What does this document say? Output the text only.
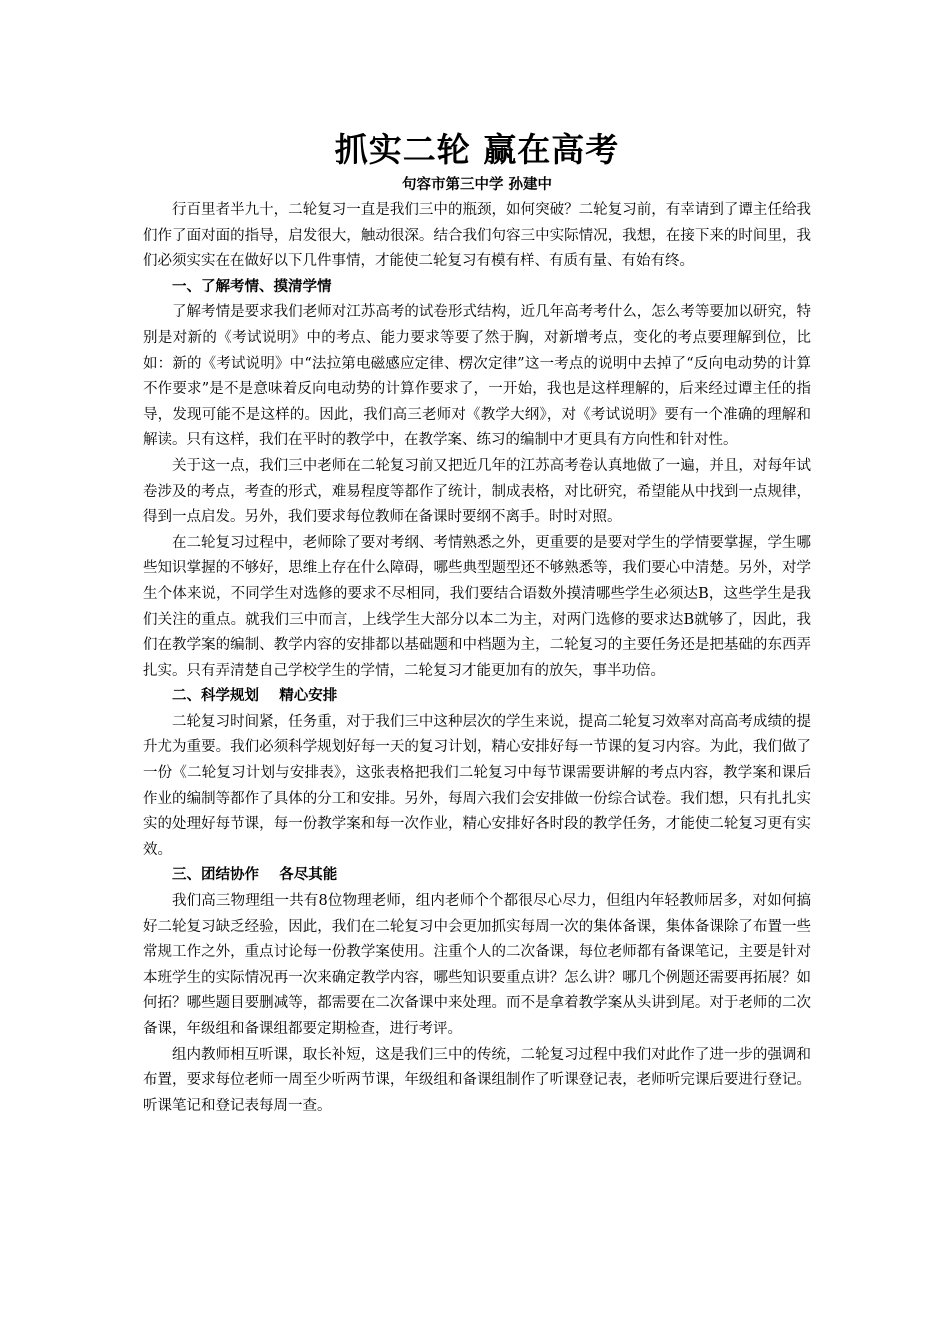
抓实二轮 赢在高考
句容市第三中学 孙建中

行百里者半九十，二轮复习一直是我们三中的瓶颈，如何突破？二轮复习前，有幸请到了谭主任给我们作了面对面的指导，启发很大，触动很深。结合我们句容三中实际情况，我想，在接下来的时间里，我们必须实实在在做好以下几件事情，才能使二轮复习有模有样、有质有量、有始有终。

一、了解考情、摸清学情

了解考情是要求我们老师对江苏高考的试卷形式结构，近几年高考考什么，怎么考等要加以研究，特别是对新的《考试说明》中的考点、能力要求等要了然于胸，对新增考点，变化的考点要理解到位，比如：新的《考试说明》中“法拉第电磁感应定律、楞次定律”这一考点的说明中去掉了“反向电动势的计算不作要求”是不是意味着反向电动势的计算作要求了，一开始，我也是这样理解的，后来经过谭主任的指导，发现可能不是这样的。因此，我们高三老师对《教学大纲》，对《考试说明》要有一个准确的理解和解读。只有这样，我们在平时的教学中，在教学案、练习的编制中才更具有方向性和针对性。

关于这一点，我们三中老师在二轮复习前又把近几年的江苏高考卷认真地做了一遍，并且，对每年试卷涉及的考点，考查的形式，难易程度等都作了统计，制成表格，对比研究，希望能从中找到一点规律，得到一点启发。另外，我们要求每位教师在备课时要纲不离手。时时对照。

在二轮复习过程中，老师除了要对考纲、考情熟悉之外，更重要的是要对学生的学情要掌握，学生哪些知识掌握的不够好，思维上存在什么障碍，哪些典型题型还不够熟悉等，我们要心中清楚。另外，对学生个体来说，不同学生对选修的要求不尽相同，我们要结合语数外摸清哪些学生必须达B，这些学生是我们关注的重点。就我们三中而言，上线学生大部分以本二为主，对两门选修的要求达B就够了，因此，我们在教学案的编制、教学内容的安排都以基础题和中档题为主，二轮复习的主要任务还是把基础的东西弄扎实。只有弄清楚自己学校学生的学情，二轮复习才能更加有的放矢，事半功倍。

二、科学规划    精心安排

二轮复习时间紧，任务重，对于我们三中这种层次的学生来说，提高二轮复习效率对高高考成绩的提升尤为重要。我们必须科学规划好每一天的复习计划，精心安排好每一节课的复习内容。为此，我们做了一份《二轮复习计划与安排表》，这张表格把我们二轮复习中每节课需要讲解的考点内容，教学案和课后作业的编制等都作了具体的分工和安排。另外，每周六我们会安排做一份综合试卷。我们想，只有扎扎实实的处理好每节课，每一份教学案和每一次作业，精心安排好各时段的教学任务，才能使二轮复习更有实效。

三、团结协作    各尽其能

我们高三物理组一共有8位物理老师，组内老师个个都很尽心尽力，但组内年轻教师居多，对如何搞好二轮复习缺乏经验，因此，我们在二轮复习中会更加抓实每周一次的集体备课，集体备课除了布置一些常规工作之外，重点讨论每一份教学案使用。注重个人的二次备课，每位老师都有备课笔记，主要是针对本班学生的实际情况再一次来确定教学内容，哪些知识要重点讲？怎么讲？哪几个例题还需要再拓展？如何拓？哪些题目要删减等，都需要在二次备课中来处理。而不是拿着教学案从头讲到尾。对于老师的二次备课，年级组和备课组都要定期检查，进行考评。

组内教师相互听课，取长补短，这是我们三中的传统，二轮复习过程中我们对此作了进一步的强调和布置，要求每位老师一周至少听两节课，年级组和备课组制作了听课登记表，老师听完课后要进行登记。听课笔记和登记表每周一查。
